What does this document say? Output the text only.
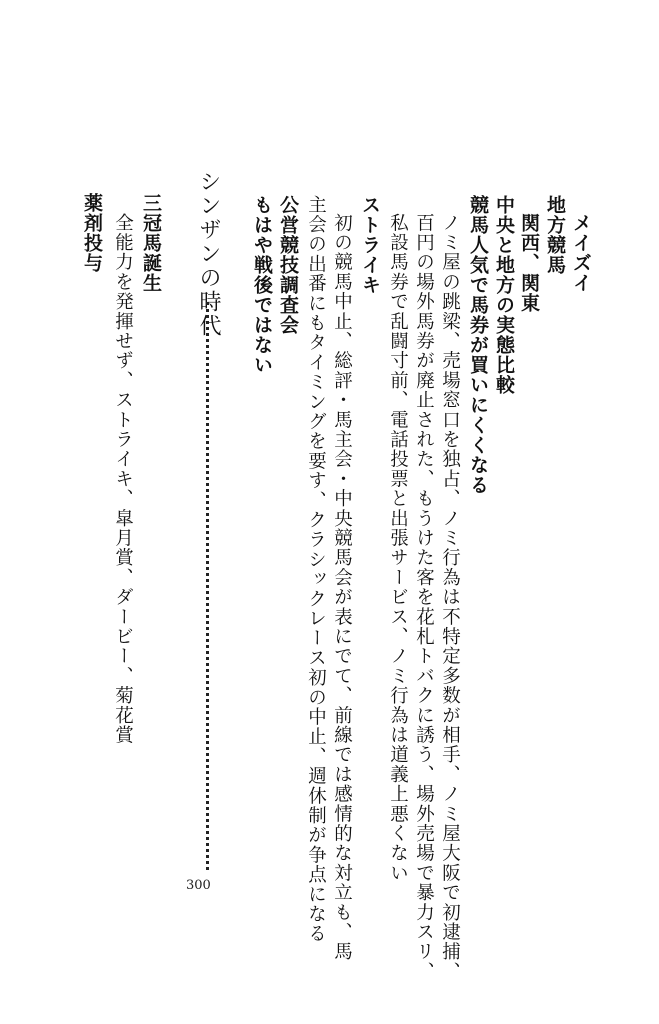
メイズイ
地方競馬
関西、関東
中央と地方の実態比較
競馬人気で馬券が買いにくくなる
ノミ屋の跳梁、売場窓口を独占、ノミ行為は不特定多数が相手、ノミ屋大阪で初逮捕、
百円の場外馬券が廃止された、もうけた客を花札トバクに誘う、場外売場で暴力スリ、
私設馬券で乱闘寸前、電話投票と出張サービス、ノミ行為は道義上悪くない
ストライキ
初の競馬中止、総評・馬主会・中央競馬会が表にでて、前線では感情的な対立も、馬
主会の出番にもタイミングを要す、クラシックレース初の中止、週休制が争点になる
公営競技調査会
もはや戦後ではない
シンザンの時代
300
三冠馬誕生
全能力を発揮せず、ストライキ、皐月賞、ダービー、菊花賞
薬剤投与
